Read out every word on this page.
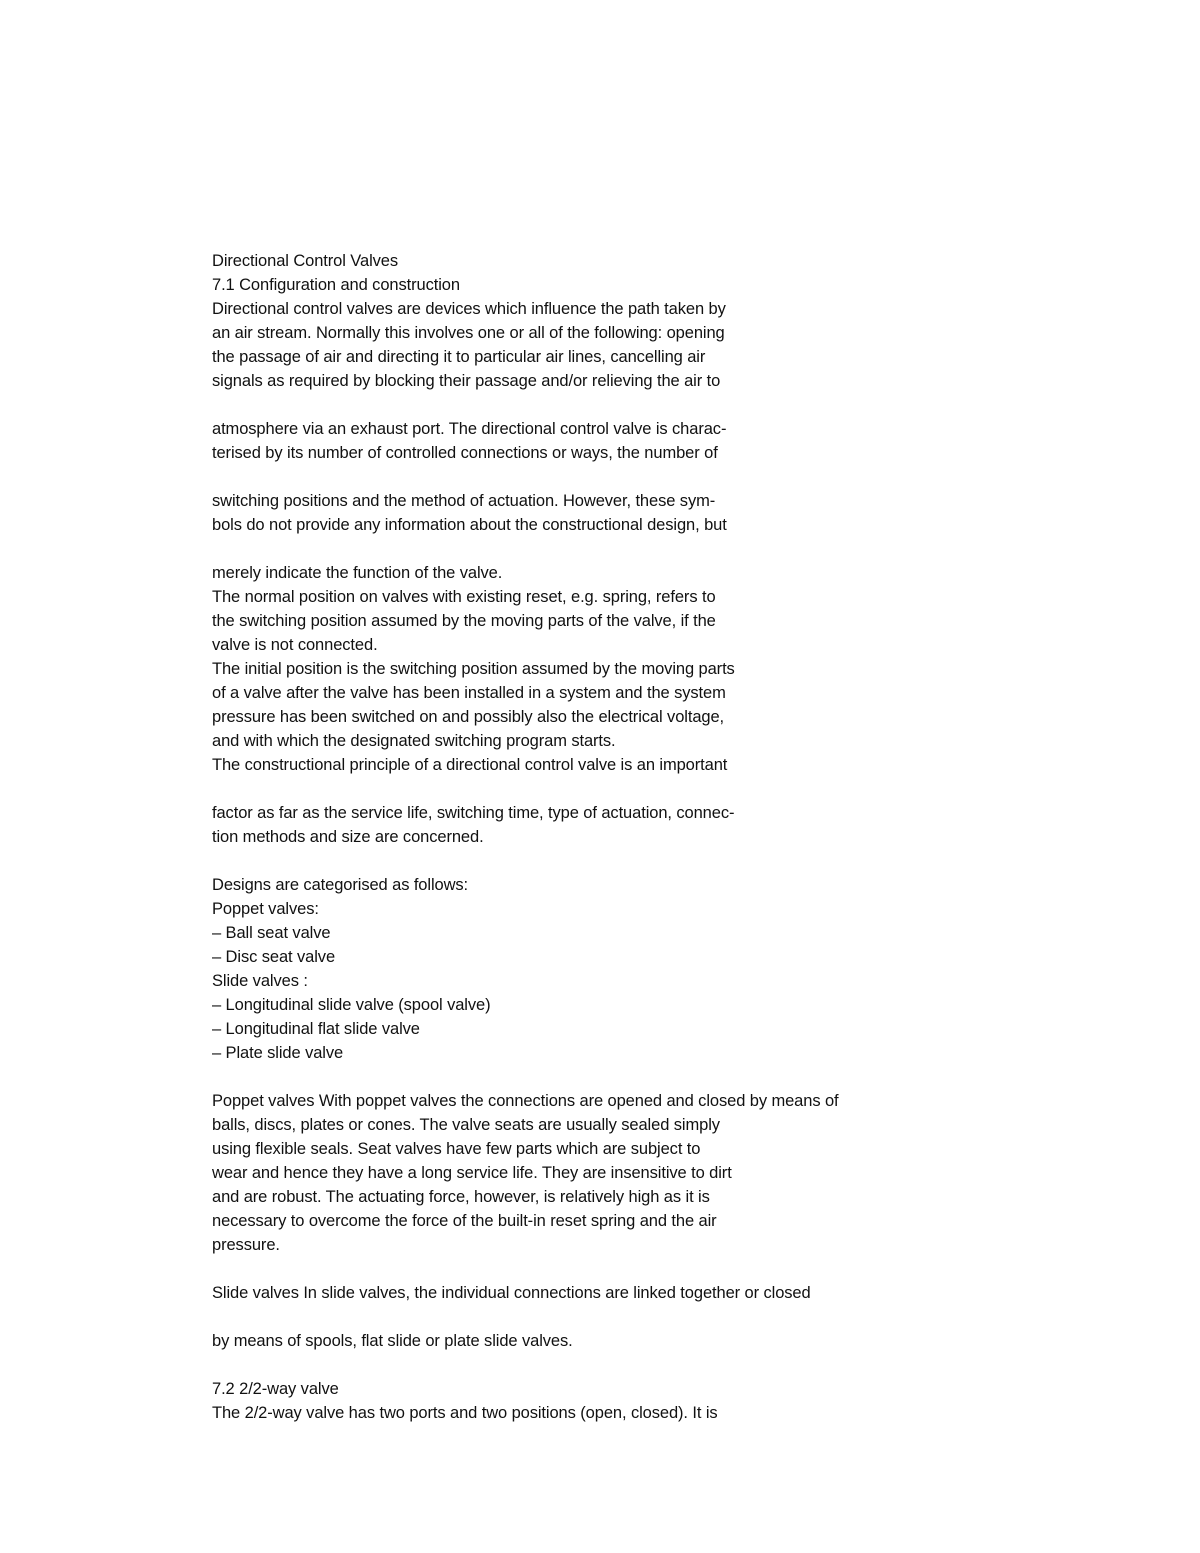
Directional Control Valves
7.1 Configuration and construction
Directional control valves are devices which influence the path taken by
an air stream. Normally this involves one or all of the following: opening
the passage of air and directing it to particular air lines, cancelling air
signals as required by blocking their passage and/or relieving the air to
atmosphere via an exhaust port. The directional control valve is charac-
terised by its number of controlled connections or ways, the number of
switching positions and the method of actuation. However, these sym-
bols do not provide any information about the constructional design, but
merely indicate the function of the valve.
The normal position on valves with existing reset, e.g. spring, refers to
the switching position assumed by the moving parts of the valve, if the
valve is not connected.
The initial position is the switching position assumed by the moving parts
of a valve after the valve has been installed in a system and the system
pressure has been switched on and possibly also the electrical voltage,
and with which the designated switching program starts.
The constructional principle of a directional control valve is an important
factor as far as the service life, switching time, type of actuation, connec-
tion methods and size are concerned.
Designs are categorised as follows:
Poppet valves:
– Ball seat valve
– Disc seat valve
Slide valves :
– Longitudinal slide valve (spool valve)
– Longitudinal flat slide valve
– Plate slide valve
Poppet valves With poppet valves the connections are opened and closed by means of
balls, discs, plates or cones. The valve seats are usually sealed simply
using flexible seals. Seat valves have few parts which are subject to
wear and hence they have a long service life. They are insensitive to dirt
and are robust. The actuating force, however, is relatively high as it is
necessary to overcome the force of the built-in reset spring and the air
pressure.
Slide valves In slide valves, the individual connections are linked together or closed
by means of spools, flat slide or plate slide valves.
7.2 2/2-way valve
The 2/2-way valve has two ports and two positions (open, closed). It is
